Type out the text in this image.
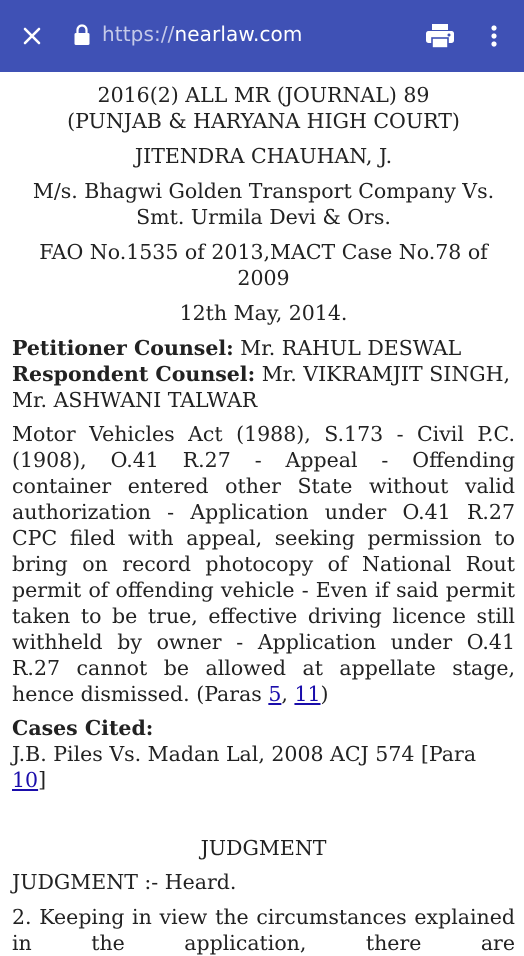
https://nearlaw.com
2016(2) ALL MR (JOURNAL) 89
(PUNJAB & HARYANA HIGH COURT)
JITENDRA CHAUHAN, J.
M/s. Bhagwi Golden Transport Company Vs.
Smt. Urmila Devi & Ors.
FAO No.1535 of 2013,MACT Case No.78 of 2009
12th May, 2014.
Petitioner Counsel: Mr. RAHUL DESWAL
Respondent Counsel: Mr. VIKRAMJIT SINGH, Mr. ASHWANI TALWAR
Motor Vehicles Act (1988), S.173 - Civil P.C. (1908), O.41 R.27 - Appeal - Offending container entered other State without valid authorization - Application under O.41 R.27 CPC filed with appeal, seeking permission to bring on record photocopy of National Rout permit of offending vehicle - Even if said permit taken to be true, effective driving licence still withheld by owner - Application under O.41 R.27 cannot be allowed at appellate stage, hence dismissed. (Paras 5, 11)
Cases Cited:
J.B. Piles Vs. Madan Lal, 2008 ACJ 574 [Para 10]
JUDGMENT
JUDGMENT :- Heard.
2. Keeping in view the circumstances explained in the application, there are
